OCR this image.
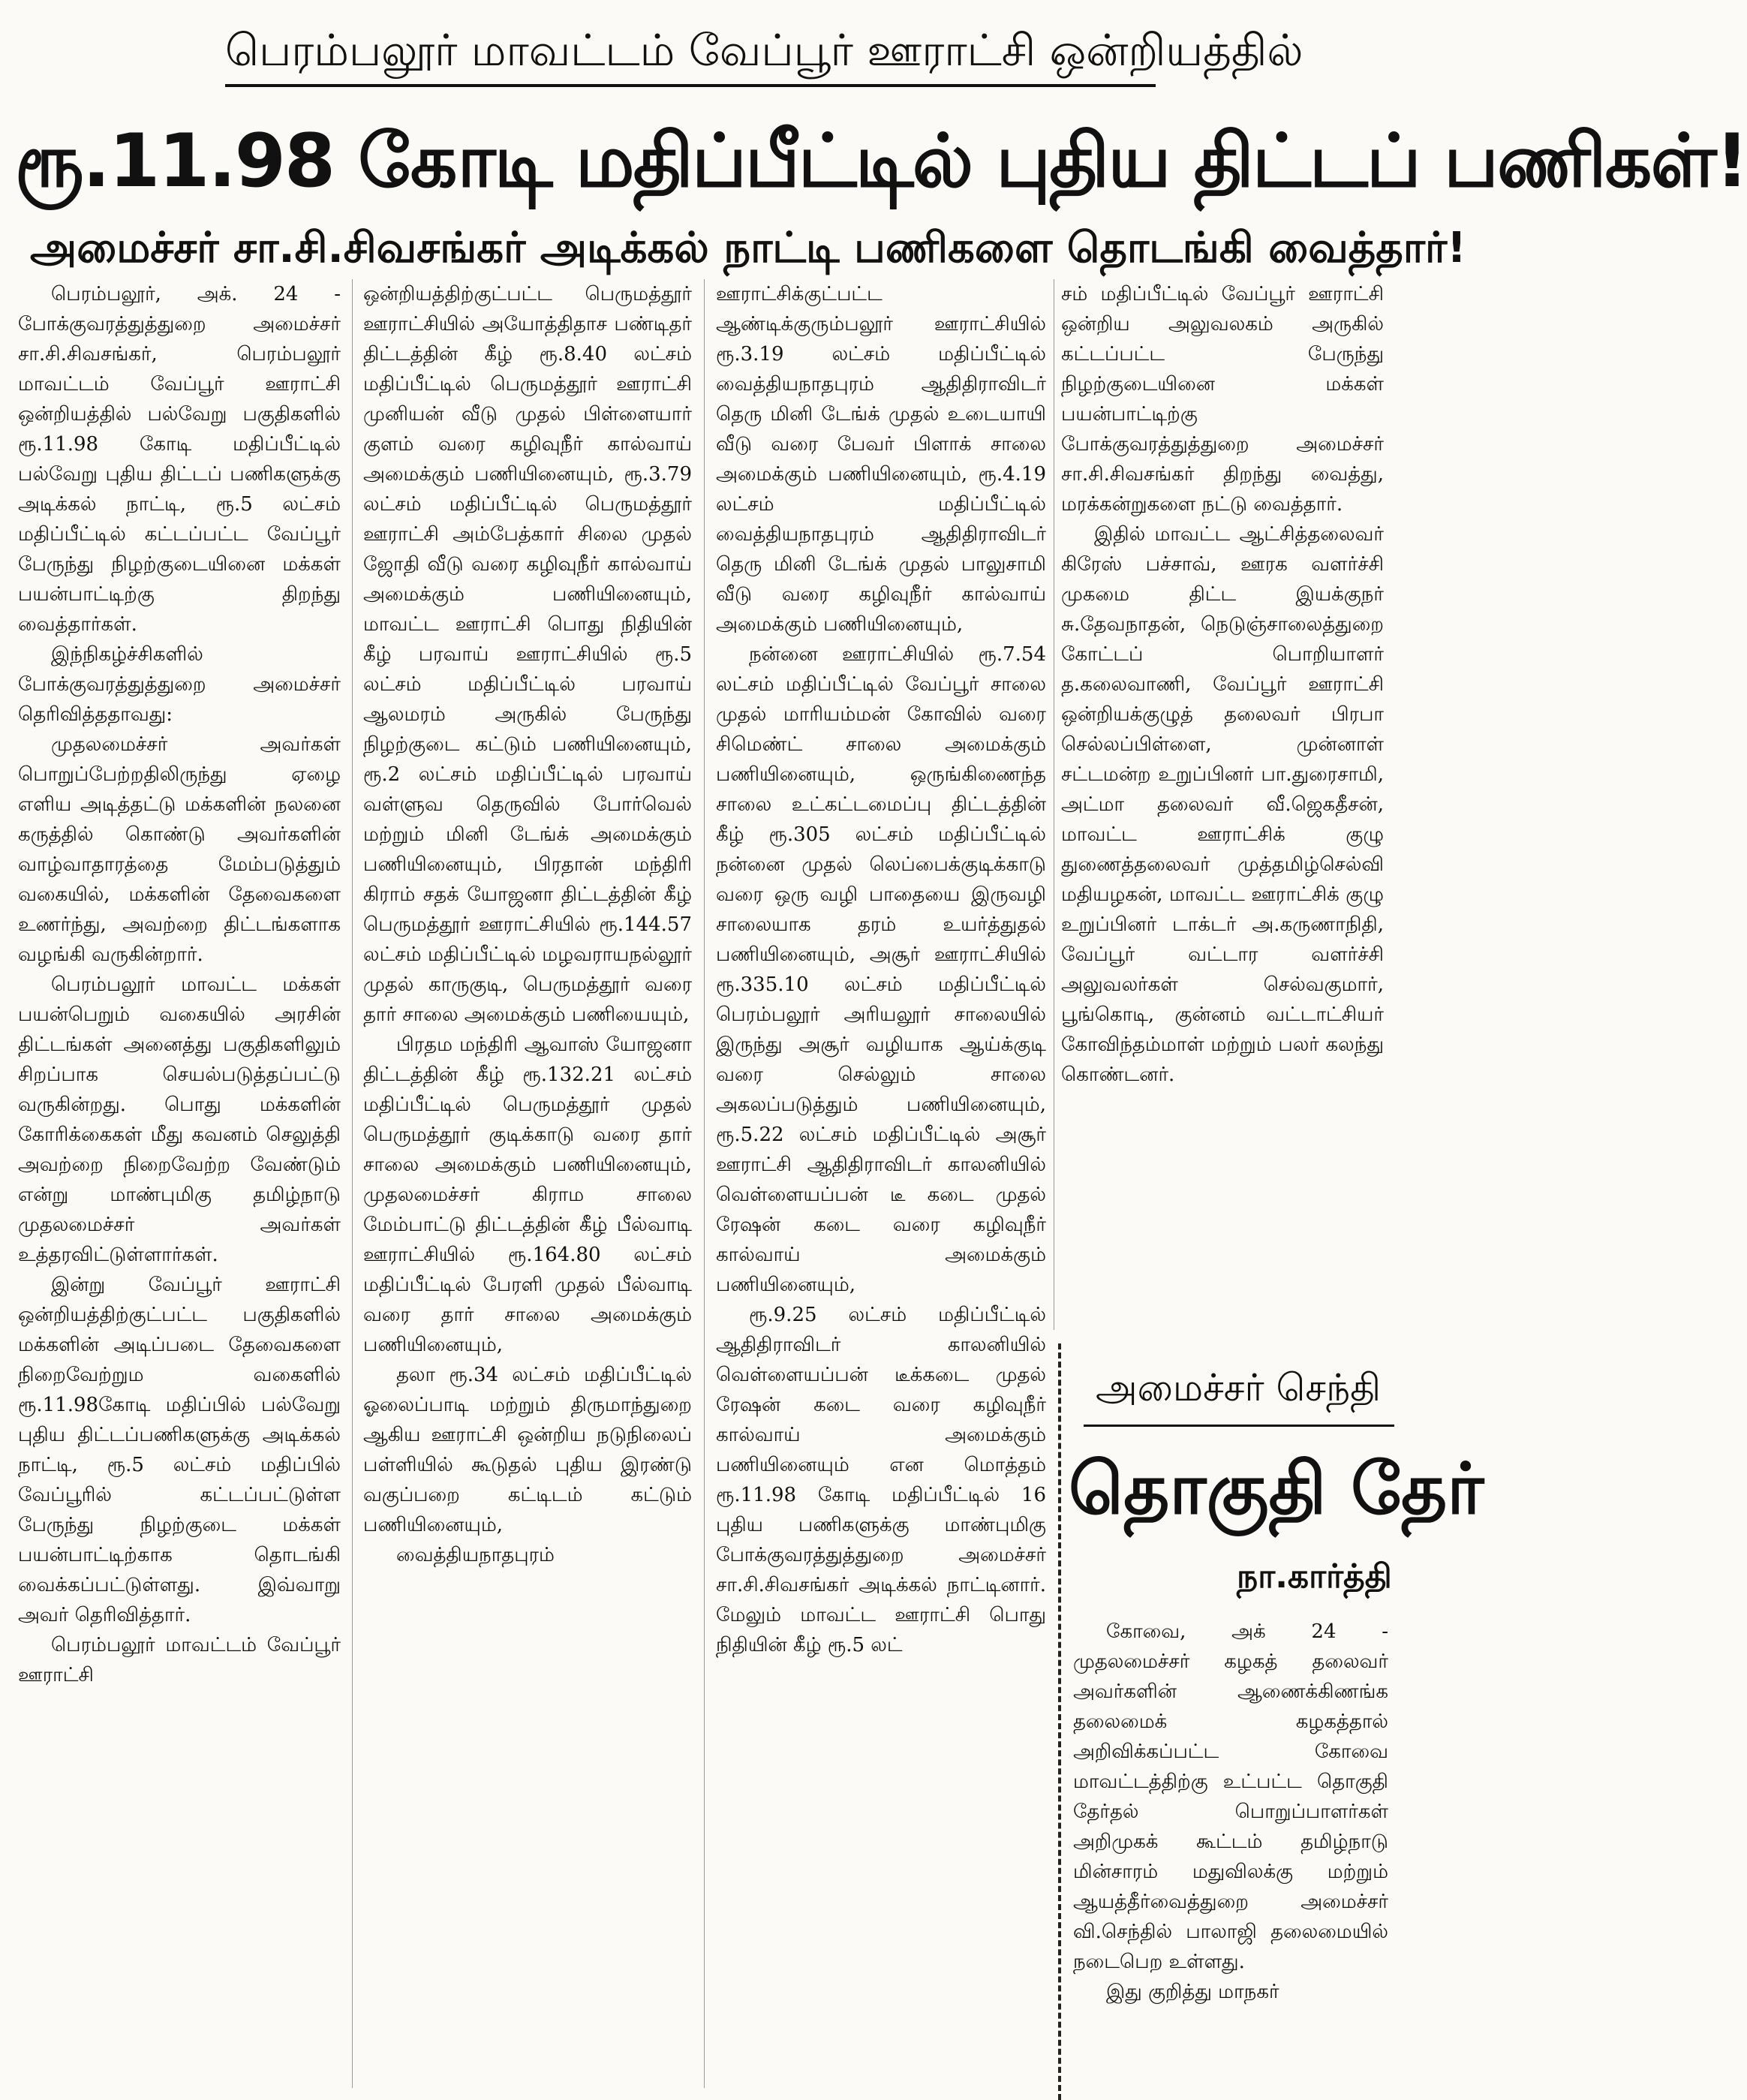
பெரம்பலூர் மாவட்டம் வேப்பூர் ஊராட்சி ஒன்றியத்தில்
ரூ.11.98 கோடி மதிப்பீட்டில் புதிய திட்டப் பணிகள்!
அமைச்சர் சா.சி.சிவசங்கர் அடிக்கல் நாட்டி பணிகளை தொடங்கி வைத்தார்!

பெரம்பலூர், அக். 24 - போக்குவரத்துத்துறை அமைச்சர் சா.சி.சிவசங்கர், பெரம்பலூர் மாவட்டம் வேப்பூர் ஊராட்சி ஒன்றியத்தில் பல்வேறு பகுதிகளில் ரூ.11.98 கோடி மதிப்பீட்டில் பல்வேறு புதிய திட்டப் பணிகளுக்கு அடிக்கல் நாட்டி, ரூ.5 லட்சம் மதிப்பீட்டில் கட்டப்பட்ட வேப்பூர் பேருந்து நிழற்குடையினை மக்கள் பயன்பாட்டிற்கு திறந்து வைத்தார்கள்.

இந்நிகழ்ச்சிகளில் போக்குவரத்துத்துறை அமைச்சர் தெரிவித்ததாவது:

முதலமைச்சர் அவர்கள் பொறுப்பேற்றதிலிருந்து ஏழை எளிய அடித்தட்டு மக்களின் நலனை கருத்தில் கொண்டு அவர்களின் வாழ்வாதாரத்தை மேம்படுத்தும் வகையில், மக்களின் தேவைகளை உணர்ந்து, அவற்றை திட்டங்களாக வழங்கி வருகின்றார்.

பெரம்பலூர் மாவட்ட மக்கள் பயன்பெறும் வகையில் அரசின் திட்டங்கள் அனைத்து பகுதிகளிலும் சிறப்பாக செயல்படுத்தப்பட்டு வருகின்றது. பொது மக்களின் கோரிக்கைகள் மீது கவனம் செலுத்தி அவற்றை நிறைவேற்ற வேண்டும் என்று மாண்புமிகு தமிழ்நாடு முதலமைச்சர் அவர்கள் உத்தரவிட்டுள்ளார்கள்.

இன்று வேப்பூர் ஊராட்சி ஒன்றியத்திற்குட்பட்ட பகுதிகளில் மக்களின் அடிப்படை தேவைகளை நிறைவேற்றும வகைளில் ரூ.11.98கோடி மதிப்பில் பல்வேறு புதிய திட்டப்பணிகளுக்கு அடிக்கல் நாட்டி, ரூ.5 லட்சம் மதிப்பில் வேப்பூரில் கட்டப்பட்டுள்ள பேருந்து நிழற்குடை மக்கள் பயன்பாட்டிற்காக தொடங்கி வைக்கப்பட்டுள்ளது. இவ்வாறு அவர் தெரிவித்தார்.

பெரம்பலூர் மாவட்டம் வேப்பூர் ஊராட்சி

ஒன்றியத்திற்குட்பட்ட பெருமத்தூர் ஊராட்சியில் அயோத்திதாச பண்டிதர் திட்டத்தின் கீழ் ரூ.8.40 லட்சம் மதிப்பீட்டில் பெருமத்தூர் ஊராட்சி முனியன் வீடு முதல் பிள்ளையார் குளம் வரை கழிவுநீர் கால்வாய் அமைக்கும் பணியினையும், ரூ.3.79 லட்சம் மதிப்பீட்டில் பெருமத்தூர் ஊராட்சி அம்பேத்கார் சிலை முதல் ஜோதி வீடு வரை கழிவுநீர் கால்வாய் அமைக்கும் பணியினையும், மாவட்ட ஊராட்சி பொது நிதியின் கீழ் பரவாய் ஊராட்சியில் ரூ.5 லட்சம் மதிப்பீட்டில் பரவாய் ஆலமரம் அருகில் பேருந்து நிழற்குடை கட்டும் பணியினையும், ரூ.2 லட்சம் மதிப்பீட்டில் பரவாய் வள்ளுவ தெருவில் போர்வெல் மற்றும் மினி டேங்க் அமைக்கும் பணியினையும், பிரதான் மந்திரி கிராம் சதக் யோஜனா திட்டத்தின் கீழ் பெருமத்தூர் ஊராட்சியில் ரூ.144.57 லட்சம் மதிப்பீட்டில் மழவராயநல்லூர் முதல் காருகுடி, பெருமத்தூர் வரை தார் சாலை அமைக்கும் பணியையும்,

பிரதம மந்திரி ஆவாஸ் யோஜனா திட்டத்தின் கீழ் ரூ.132.21 லட்சம் மதிப்பீட்டில் பெருமத்தூர் முதல் பெருமத்தூர் குடிக்காடு வரை தார் சாலை அமைக்கும் பணியினையும், முதலமைச்சர் கிராம சாலை மேம்பாட்டு திட்டத்தின் கீழ் பீல்வாடி ஊராட்சியில் ரூ.164.80 லட்சம் மதிப்பீட்டில் பேரளி முதல் பீல்வாடி வரை தார் சாலை அமைக்கும் பணியினையும்,

தலா ரூ.34 லட்சம் மதிப்பீட்டில் ஓலைப்பாடி மற்றும் திருமாந்துறை ஆகிய ஊராட்சி ஒன்றிய நடுநிலைப் பள்ளியில் கூடுதல் புதிய இரண்டு வகுப்பறை கட்டிடம் கட்டும் பணியினையும்,

வைத்தியநாதபுரம்

ஊராட்சிக்குட்பட்ட ஆண்டிக்குரும்பலூர் ஊராட்சியில் ரூ.3.19 லட்சம் மதிப்பீட்டில் வைத்தியநாதபுரம் ஆதிதிராவிடர் தெரு மினி டேங்க் முதல் உடையாயி வீடு வரை பேவர் பிளாக் சாலை அமைக்கும் பணியினையும், ரூ.4.19 லட்சம் மதிப்பீட்டில் வைத்தியநாதபுரம் ஆதிதிராவிடர் தெரு மினி டேங்க் முதல் பாலுசாமி வீடு வரை கழிவுநீர் கால்வாய் அமைக்கும் பணியினையும்,

நன்னை ஊராட்சியில் ரூ.7.54 லட்சம் மதிப்பீட்டில் வேப்பூர் சாலை முதல் மாரியம்மன் கோவில் வரை சிமெண்ட் சாலை அமைக்கும் பணியினையும், ஒருங்கிணைந்த சாலை உட்கட்டமைப்பு திட்டத்தின் கீழ் ரூ.305 லட்சம் மதிப்பீட்டில் நன்னை முதல் லெப்பைக்குடிக்காடு வரை ஒரு வழி பாதையை இருவழி சாலையாக தரம் உயர்த்துதல் பணியினையும், அசூர் ஊராட்சியில் ரூ.335.10 லட்சம் மதிப்பீட்டில் பெரம்பலூர் அரியலூர் சாலையில் இருந்து அசூர் வழியாக ஆய்க்குடி வரை செல்லும் சாலை அகலப்படுத்தும் பணியினையும், ரூ.5.22 லட்சம் மதிப்பீட்டில் அசூர் ஊராட்சி ஆதிதிராவிடர் காலனியில் வெள்ளையப்பன் டீ கடை முதல் ரேஷன் கடை வரை கழிவுநீர் கால்வாய் அமைக்கும் பணியினையும்,

ரூ.9.25 லட்சம் மதிப்பீட்டில் ஆதிதிராவிடர் காலனியில் வெள்ளையப்பன் டீக்கடை முதல் ரேஷன் கடை வரை கழிவுநீர் கால்வாய் அமைக்கும் பணியினையும் என மொத்தம் ரூ.11.98 கோடி மதிப்பீட்டில் 16 புதிய பணிகளுக்கு மாண்புமிகு போக்குவரத்துத்துறை அமைச்சர் சா.சி.சிவசங்கர் அடிக்கல் நாட்டினார். மேலும் மாவட்ட ஊராட்சி பொது நிதியின் கீழ் ரூ.5 லட்

சம் மதிப்பீட்டில் வேப்பூர் ஊராட்சி ஒன்றிய அலுவலகம் அருகில் கட்டப்பட்ட பேருந்து நிழற்குடையினை மக்கள் பயன்பாட்டிற்கு போக்குவரத்துத்துறை அமைச்சர் சா.சி.சிவசங்கர் திறந்து வைத்து, மரக்கன்றுகளை நட்டு வைத்தார்.

இதில் மாவட்ட ஆட்சித்தலைவர் கிரேஸ் பச்சாவ், ஊரக வளர்ச்சி முகமை திட்ட இயக்குநர் சு.தேவநாதன், நெடுஞ்சாலைத்துறை கோட்டப் பொறியாளர் த.கலைவாணி, வேப்பூர் ஊராட்சி ஒன்றியக்குழுத் தலைவர் பிரபா செல்லப்பிள்ளை, முன்னாள் சட்டமன்ற உறுப்பினர் பா.துரைசாமி, அட்மா தலைவர் வீ.ஜெகதீசன், மாவட்ட ஊராட்சிக் குழு துணைத்தலைவர் முத்தமிழ்செல்வி மதியழகன், மாவட்ட ஊராட்சிக் குழு உறுப்பினர் டாக்டர் அ.கருணாநிதி, வேப்பூர் வட்டார வளர்ச்சி அலுவலர்கள் செல்வகுமார், பூங்கொடி, குன்னம் வட்டாட்சியர் கோவிந்தம்மாள் மற்றும் பலர் கலந்து கொண்டனர்.

அமைச்சர் செந்தி
தொகுதி தேர்
நா.கார்த்தி

கோவை, அக் 24 - முதலமைச்சர் கழகத் தலைவர் அவர்களின் ஆணைக்கிணங்க தலைமைக் கழகத்தால் அறிவிக்கப்பட்ட கோவை மாவட்டத்திற்கு உட்பட்ட தொகுதி தேர்தல் பொறுப்பாளர்கள் அறிமுகக் கூட்டம் தமிழ்நாடு மின்சாரம் மதுவிலக்கு மற்றும் ஆயத்தீர்வைத்துறை அமைச்சர் வி.செந்தில் பாலாஜி தலைமையில் நடைபெற உள்ளது.

இது குறித்து மாநகர்
